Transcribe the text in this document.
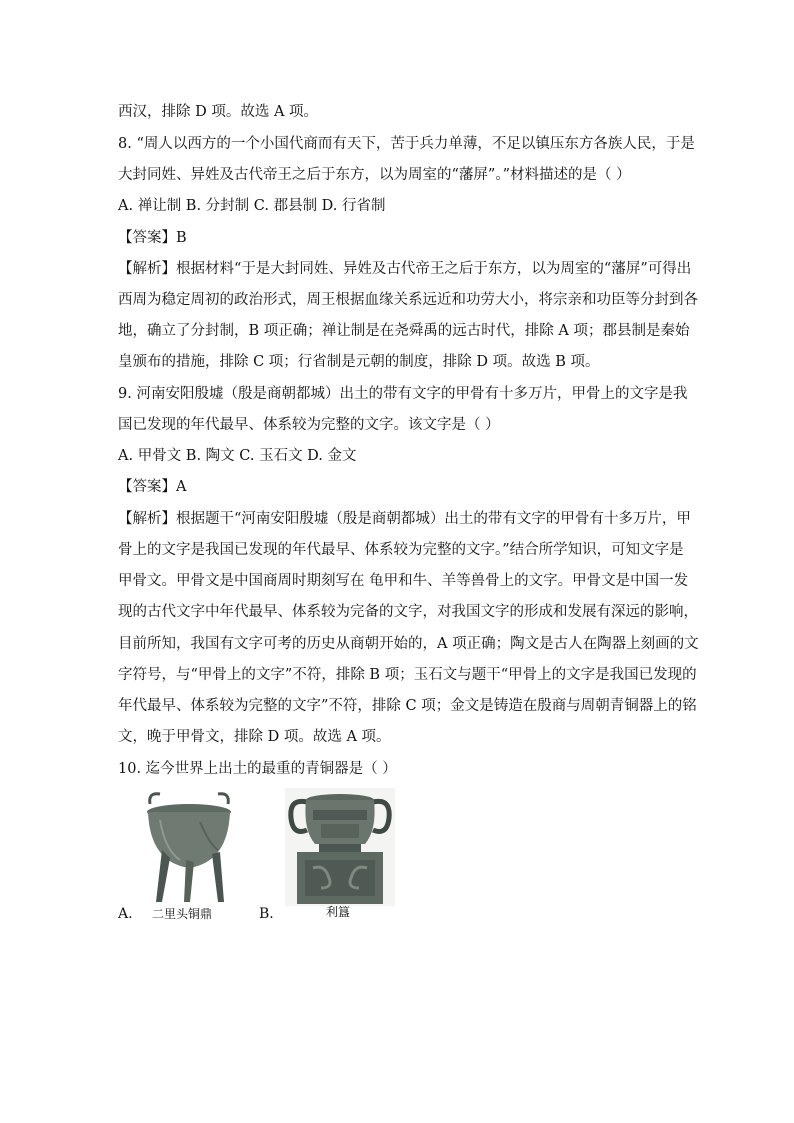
西汉，排除 D 项。故选 A 项。
8. “周人以西方的一个小国代商而有天下，苦于兵力单薄，不足以镇压东方各族人民，于是
大封同姓、异姓及古代帝王之后于东方，以为周室的“藩屏”。”材料描述的是（ ）
A. 禅让制 B. 分封制 C. 郡县制 D. 行省制
【答案】B
【解析】根据材料“于是大封同姓、异姓及古代帝王之后于东方，以为周室的“藩屏”可得出
西周为稳定周初的政治形式，周王根据血缘关系远近和功劳大小，将宗亲和功臣等分封到各
地，确立了分封制，B 项正确；禅让制是在尧舜禹的远古时代，排除 A 项；郡县制是秦始
皇颁布的措施，排除 C 项；行省制是元朝的制度，排除 D 项。故选 B 项。
9. 河南安阳殷墟（殷是商朝都城）出土的带有文字的甲骨有十多万片，甲骨上的文字是我
国已发现的年代最早、体系较为完整的文字。该文字是（ ）
A. 甲骨文 B. 陶文 C. 玉石文 D. 金文
【答案】A
【解析】根据题干“河南安阳殷墟（殷是商朝都城）出土的带有文字的甲骨有十多万片，甲
骨上的文字是我国已发现的年代最早、体系较为完整的文字。”结合所学知识，可知文字是
甲骨文。甲骨文是中国商周时期刻写在 龟甲和牛、羊等兽骨上的文字。甲骨文是中国一发
现的古代文字中年代最早、体系较为完备的文字，对我国文字的形成和发展有深远的影响，
目前所知，我国有文字可考的历史从商朝开始的，A 项正确；陶文是古人在陶器上刻画的文
字符号，与“甲骨上的文字”不符，排除 B 项；玉石文与题干“甲骨上的文字是我国已发现的
年代最早、体系较为完整的文字”不符，排除 C 项；金文是铸造在殷商与周朝青铜器上的铭
文，晚于甲骨文，排除 D 项。故选 A 项。
10. 迄今世界上出土的最重的青铜器是（ ）
A. 二里头铜鼎	B.	利簋
